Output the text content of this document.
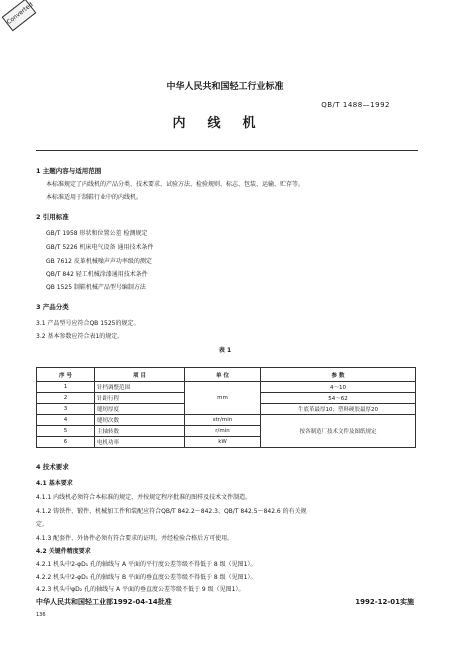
Converted
中华人民共和国轻工行业标准
QB/T 1488—1992
内线机
1 主题内容与适用范围
本标准规定了内线机的产品分类、技术要求、试验方法、检验规则、标志、包装、运输、贮存等。
本标准适用于制鞋行业中的内线机。
2 引用标准
GB/T 1958 形状和位置公差 检测规定
GB/T 5226 机床电气设备 通用技术条件
GB 7612 皮革机械噪声声功率级的测定
QB/T 842 轻工机械涂漆通用技术条件
QB 1525 制鞋机械产品型号编制方法
3 产品分类
3.1 产品型号应符合QB 1525的规定。
3.2 基本参数应符合表1的规定。
表 1
序 号	项 目	单 位	参 数
1	针档调整范围	mm	4～10
2	针距行程		54～62
3	缝纫厚度		牛底革最厚10；塑料硬胶最厚20
4	缝纫次数	str/min	按各制造厂技术文件及图纸规定
5	主轴转数	r/min	
6	电机功率	kW	
4 技术要求
4.1 基本要求
4.1.1 内线机必须符合本标准的规定，并按规定程序批准的图样及技术文件制造。
4.1.2 铸铁件、锻件、机械加工件和装配应符合QB/T 842.2～842.3、QB/T 842.5～842.6 的有关规
定。
4.1.3 配套件、外协件必须有符合要求的证明，并经检验合格后方可使用。
4.2 关键件精度要求
4.2.1 机头中2-φD₁ 孔的轴线与 A 平面的平行度公差等级不得低于 8 级（见图1）。
4.2.2 机头中2-φD₁ 孔的轴线与 B 平面的垂直度公差等级不得低于 8 级（见图1）。
4.2.3 机头中φD₂ 孔的轴线与 A 平面的垂直度公差等级不低于 9 级（见图1）。
中华人民共和国轻工业部1992-04-14批准	1992-12-01实施
136
